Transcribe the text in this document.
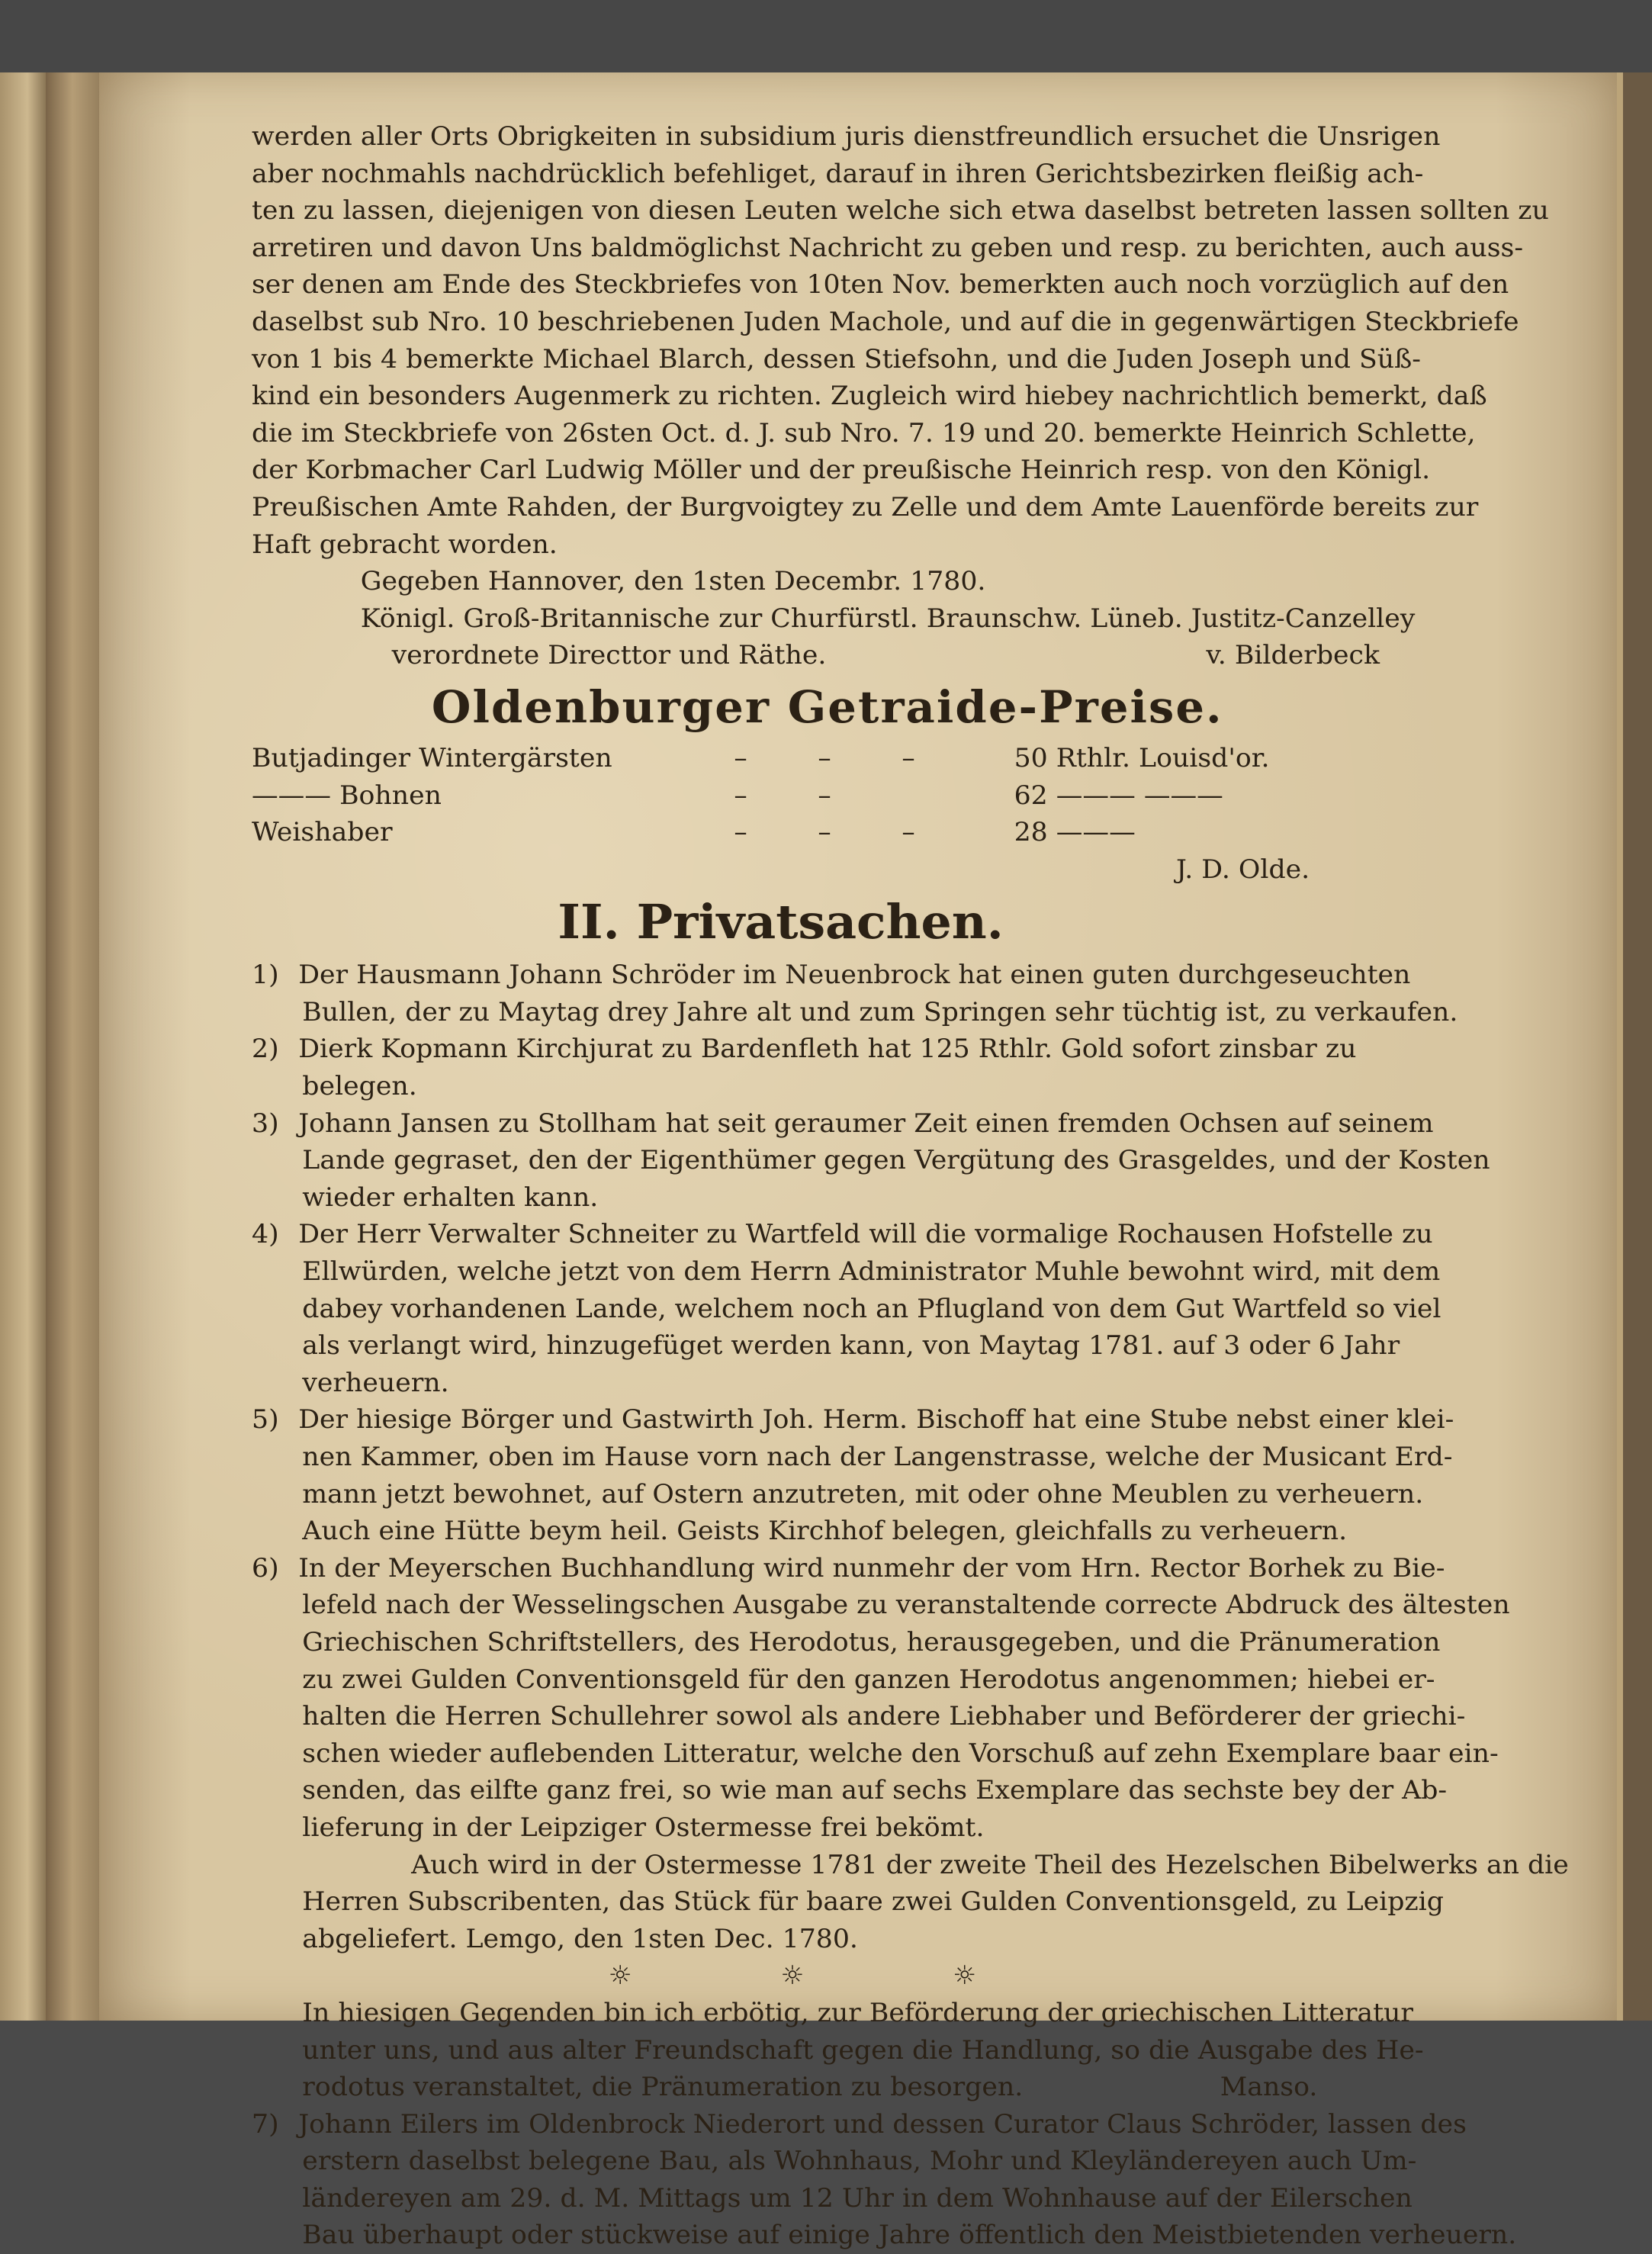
werden aller Orts Obrigkeiten in subsidium juris dienstfreundlich ersuchet die Unsrigen
aber nochmahls nachdrücklich befehliget, darauf in ihren Gerichtsbezirken fleißig ach-
ten zu lassen, diejenigen von diesen Leuten welche sich etwa daselbst betreten lassen sollten zu
arretiren und davon Uns baldmöglichst Nachricht zu geben und resp. zu berichten, auch auss-
ser denen am Ende des Steckbriefes von 10ten Nov. bemerkten auch noch vorzüglich auf den
daselbst sub Nro. 10 beschriebenen Juden Machole, und auf die in gegenwärtigen Steckbriefe
von 1 bis 4 bemerkte Michael Blarch, dessen Stiefsohn, und die Juden Joseph und Süß-
kind ein besonders Augenmerk zu richten. Zugleich wird hiebey nachrichtlich bemerkt, daß
die im Steckbriefe von 26sten Oct. d. J. sub Nro. 7. 19 und 20. bemerkte Heinrich Schlette,
der Korbmacher Carl Ludwig Möller und der preußische Heinrich resp. von den Königl.
Preußischen Amte Rahden, der Burgvoigtey zu Zelle und dem Amte Lauenförde bereits zur
Haft gebracht worden.
Gegeben Hannover, den 1sten Decembr. 1780.
Königl. Groß-Britannische zur Churfürstl. Braunschw. Lüneb. Justitz-Canzelley
verordnete Directtor und Räthe.	v. Bilderbeck
Oldenburger Getraide-Preise.
Butjadinger Wintergärsten	– – –	50 Rthlr. Louisd'or.
——— Bohnen	– –	62 ——— ———
Weishaber	– – –	28 ———
J. D. Olde.
II. Privatsachen.
1) Der Hausmann Johann Schröder im Neuenbrock hat einen guten durchgeseuchten
Bullen, der zu Maytag drey Jahre alt und zum Springen sehr tüchtig ist, zu verkaufen.
2) Dierk Kopmann Kirchjurat zu Bardenfleth hat 125 Rthlr. Gold sofort zinsbar zu
belegen.
3) Johann Jansen zu Stollham hat seit geraumer Zeit einen fremden Ochsen auf seinem
Lande gegraset, den der Eigenthümer gegen Vergütung des Grasgeldes, und der Kosten
wieder erhalten kann.
4) Der Herr Verwalter Schneiter zu Wartfeld will die vormalige Rochausen Hofstelle zu
Ellwürden, welche jetzt von dem Herrn Administrator Muhle bewohnt wird, mit dem
dabey vorhandenen Lande, welchem noch an Pflugland von dem Gut Wartfeld so viel
als verlangt wird, hinzugefüget werden kann, von Maytag 1781. auf 3 oder 6 Jahr
verheuern.
5) Der hiesige Börger und Gastwirth Joh. Herm. Bischoff hat eine Stube nebst einer klei-
nen Kammer, oben im Hause vorn nach der Langenstrasse, welche der Musicant Erd-
mann jetzt bewohnet, auf Ostern anzutreten, mit oder ohne Meublen zu verheuern.
Auch eine Hütte beym heil. Geists Kirchhof belegen, gleichfalls zu verheuern.
6) In der Meyerschen Buchhandlung wird nunmehr der vom Hrn. Rector Borhek zu Bie-
lefeld nach der Wesselingschen Ausgabe zu veranstaltende correcte Abdruck des ältesten
Griechischen Schriftstellers, des Herodotus, herausgegeben, und die Pränumeration
zu zwei Gulden Conventionsgeld für den ganzen Herodotus angenommen; hiebei er-
halten die Herren Schullehrer sowol als andere Liebhaber und Beförderer der griechi-
schen wieder auflebenden Litteratur, welche den Vorschuß auf zehn Exemplare baar ein-
senden, das eilfte ganz frei, so wie man auf sechs Exemplare das sechste bey der Ab-
lieferung in der Leipziger Ostermesse frei bekömt.
Auch wird in der Ostermesse 1781 der zweite Theil des Hezelschen Bibelwerks an die
Herren Subscribenten, das Stück für baare zwei Gulden Conventionsgeld, zu Leipzig
abgeliefert. Lemgo, den 1sten Dec. 1780.
☼ ☼ ☼
In hiesigen Gegenden bin ich erbötig, zur Beförderung der griechischen Litteratur
unter uns, und aus alter Freundschaft gegen die Handlung, so die Ausgabe des He-
rodotus veranstaltet, die Pränumeration zu besorgen.	Manso.
7) Johann Eilers im Oldenbrock Niederort und dessen Curator Claus Schröder, lassen des
erstern daselbst belegene Bau, als Wohnhaus, Mohr und Kleyländereyen auch Um-
ländereyen am 29. d. M. Mittags um 12 Uhr in dem Wohnhause auf der Eilerschen
Bau überhaupt oder stückweise auf einige Jahre öffentlich den Meistbietenden verheuern.
